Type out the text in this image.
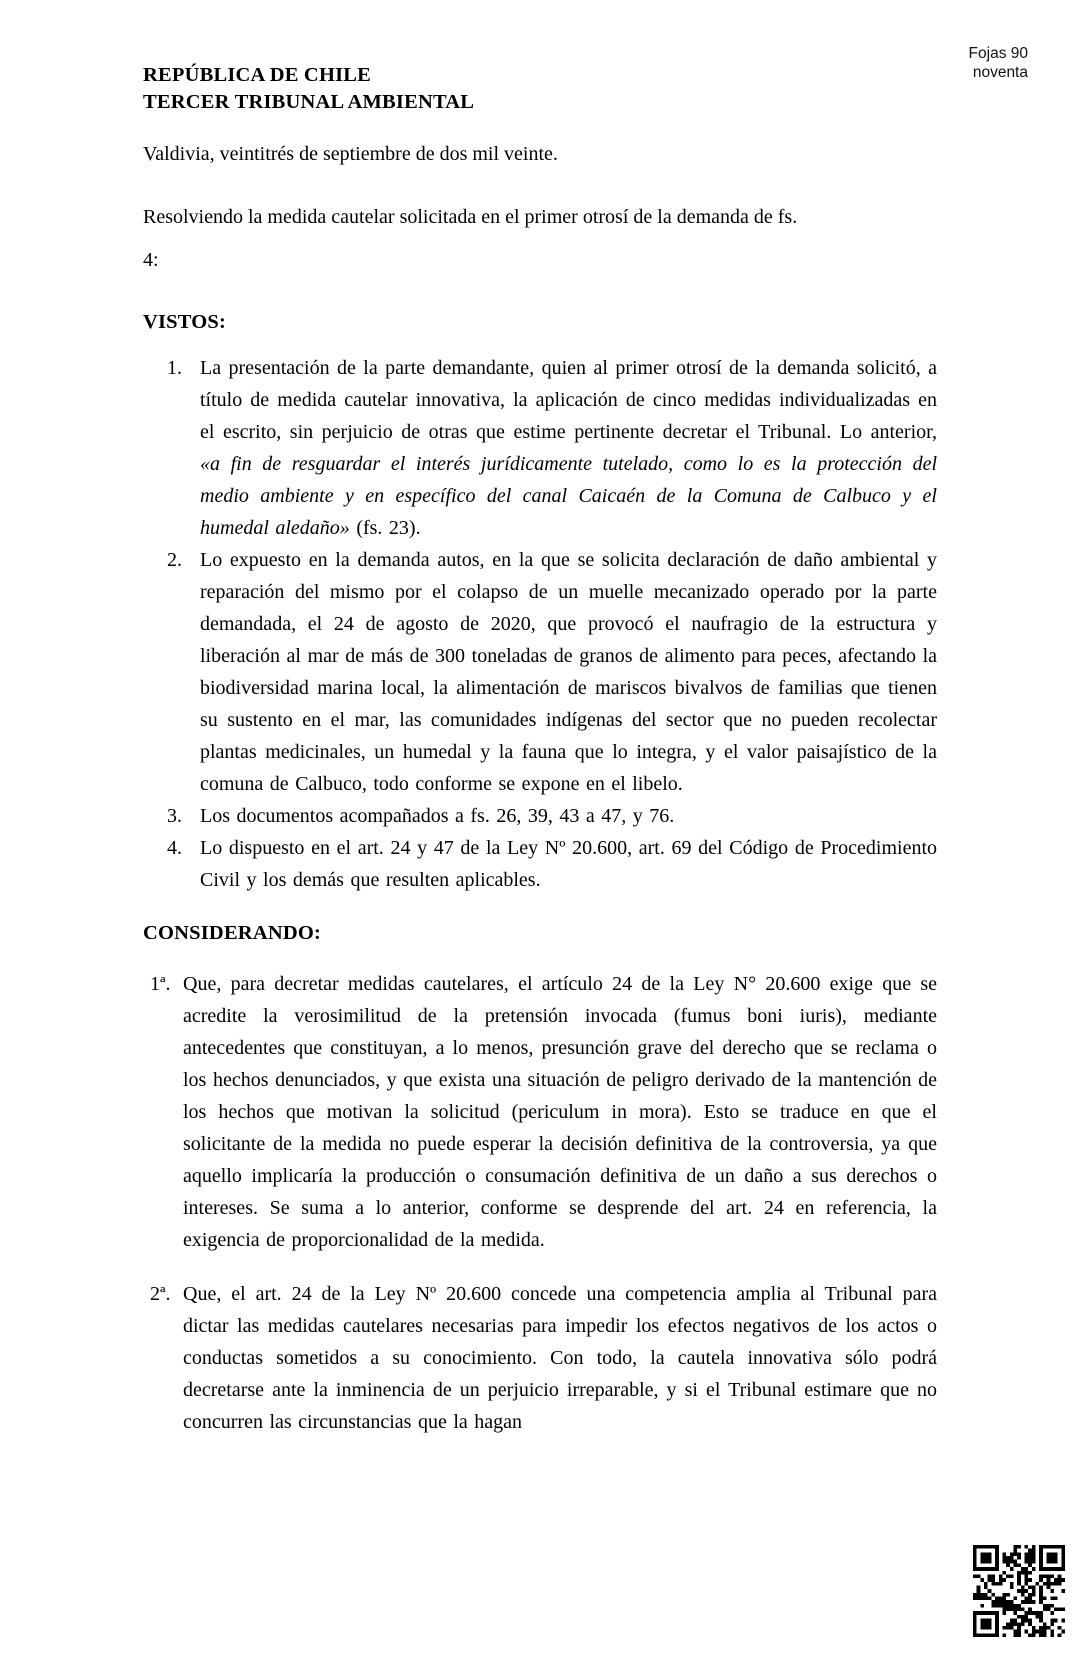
Fojas 90
noventa
REPÚBLICA DE CHILE
TERCER TRIBUNAL AMBIENTAL

Valdivia, veintitrés de septiembre de dos mil veinte.

Resolviendo la medida cautelar solicitada en el primer otrosí de la demanda de fs.
4:

VISTOS:
1. La presentación de la parte demandante, quien al primer otrosí de la demanda solicitó, a título de medida cautelar innovativa, la aplicación de cinco medidas individualizadas en el escrito, sin perjuicio de otras que estime pertinente decretar el Tribunal. Lo anterior, «a fin de resguardar el interés jurídicamente tutelado, como lo es la protección del medio ambiente y en específico del canal Caicaén de la Comuna de Calbuco y el humedal aledaño» (fs. 23).
2. Lo expuesto en la demanda autos, en la que se solicita declaración de daño ambiental y reparación del mismo por el colapso de un muelle mecanizado operado por la parte demandada, el 24 de agosto de 2020, que provocó el naufragio de la estructura y liberación al mar de más de 300 toneladas de granos de alimento para peces, afectando la biodiversidad marina local, la alimentación de mariscos bivalvos de familias que tienen su sustento en el mar, las comunidades indígenas del sector que no pueden recolectar plantas medicinales, un humedal y la fauna que lo integra, y el valor paisajístico de la comuna de Calbuco, todo conforme se expone en el libelo.
3. Los documentos acompañados a fs. 26, 39, 43 a 47, y 76.
4. Lo dispuesto en el art. 24 y 47 de la Ley Nº 20.600, art. 69 del Código de Procedimiento Civil y los demás que resulten aplicables.
CONSIDERANDO:
1ª. Que, para decretar medidas cautelares, el artículo 24 de la Ley N° 20.600 exige que se acredite la verosimilitud de la pretensión invocada (fumus boni iuris), mediante antecedentes que constituyan, a lo menos, presunción grave del derecho que se reclama o los hechos denunciados, y que exista una situación de peligro derivado de la mantención de los hechos que motivan la solicitud (periculum in mora). Esto se traduce en que el solicitante de la medida no puede esperar la decisión definitiva de la controversia, ya que aquello implicaría la producción o consumación definitiva de un daño a sus derechos o intereses. Se suma a lo anterior, conforme se desprende del art. 24 en referencia, la exigencia de proporcionalidad de la medida.
2ª. Que, el art. 24 de la Ley Nº 20.600 concede una competencia amplia al Tribunal para dictar las medidas cautelares necesarias para impedir los efectos negativos de los actos o conductas sometidos a su conocimiento. Con todo, la cautela innovativa sólo podrá decretarse ante la inminencia de un perjuicio irreparable, y si el Tribunal estimare que no concurren las circunstancias que la hagan
